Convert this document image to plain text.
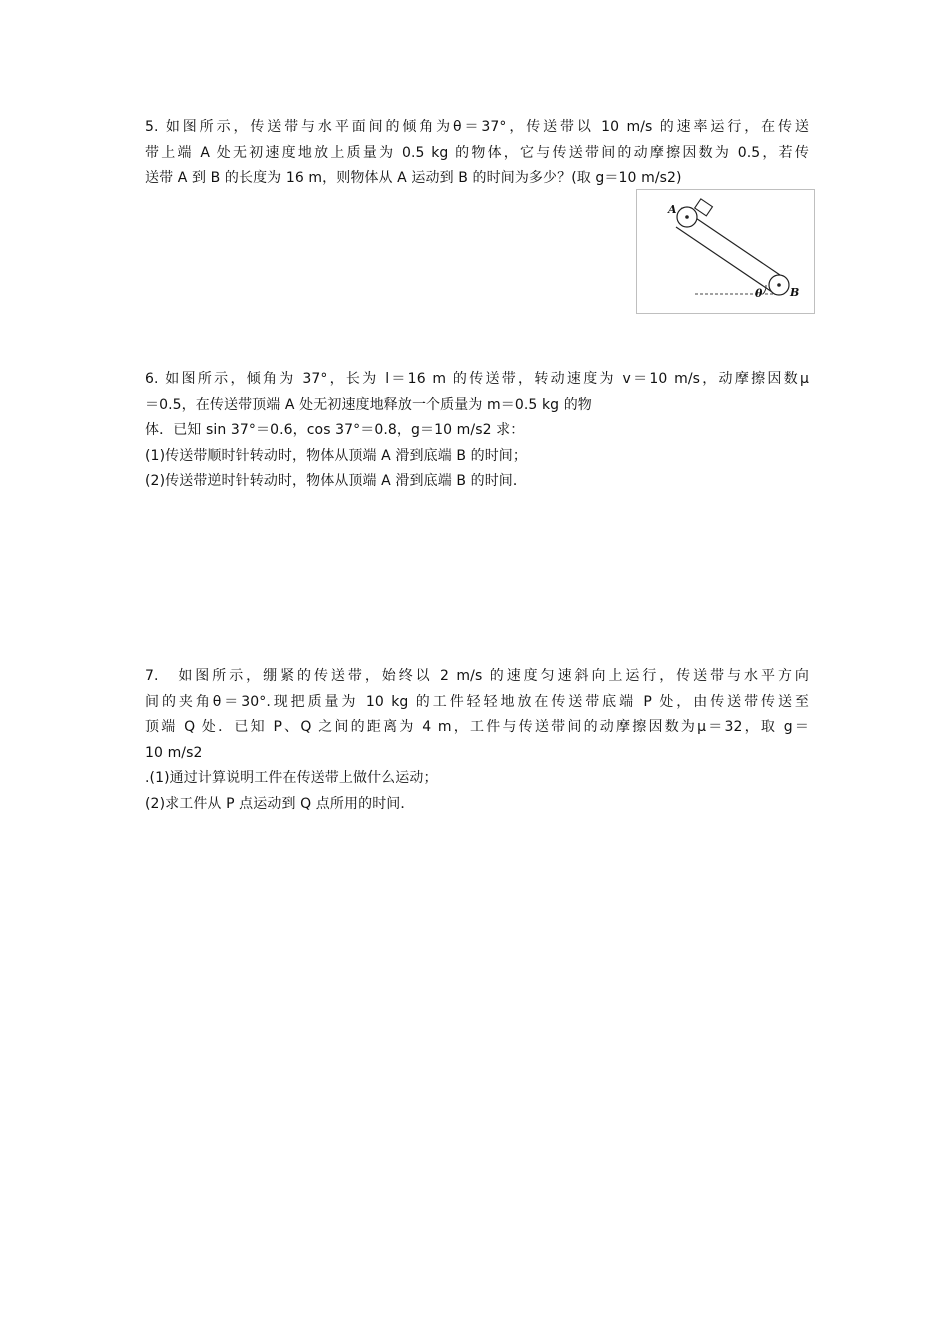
5. 如图所示，传送带与水平面间的倾角为θ＝37°，传送带以 10 m/s 的速率运行，在传送
带上端 A 处无初速度地放上质量为 0.5 kg 的物体，它与传送带间的动摩擦因数为 0.5，若传
送带 A 到 B 的长度为 16 m，则物体从 A 运动到 B 的时间为多少？(取 g＝10 m/s2)
A
B
θ
6. 如图所示，倾角为 37°，长为 l＝16 m 的传送带，转动速度为 v＝10 m/s，动摩擦因数μ
＝0.5，在传送带顶端 A 处无初速度地释放一个质量为 m＝0.5 kg 的物
体．已知 sin 37°＝0.6，cos 37°＝0.8，g＝10 m/s2 求：
(1)传送带顺时针转动时，物体从顶端 A 滑到底端 B 的时间；
(2)传送带逆时针转动时，物体从顶端 A 滑到底端 B 的时间．
7.　如图所示，绷紧的传送带，始终以 2 m/s 的速度匀速斜向上运行，传送带与水平方向
间的夹角θ＝30°.现把质量为 10 kg 的工件轻轻地放在传送带底端 P 处，由传送带传送至
顶端 Q 处．已知 P、Q 之间的距离为 4 m，工件与传送带间的动摩擦因数为μ＝32，取 g＝
10 m/s2
.(1)通过计算说明工件在传送带上做什么运动；
(2)求工件从 P 点运动到 Q 点所用的时间．
